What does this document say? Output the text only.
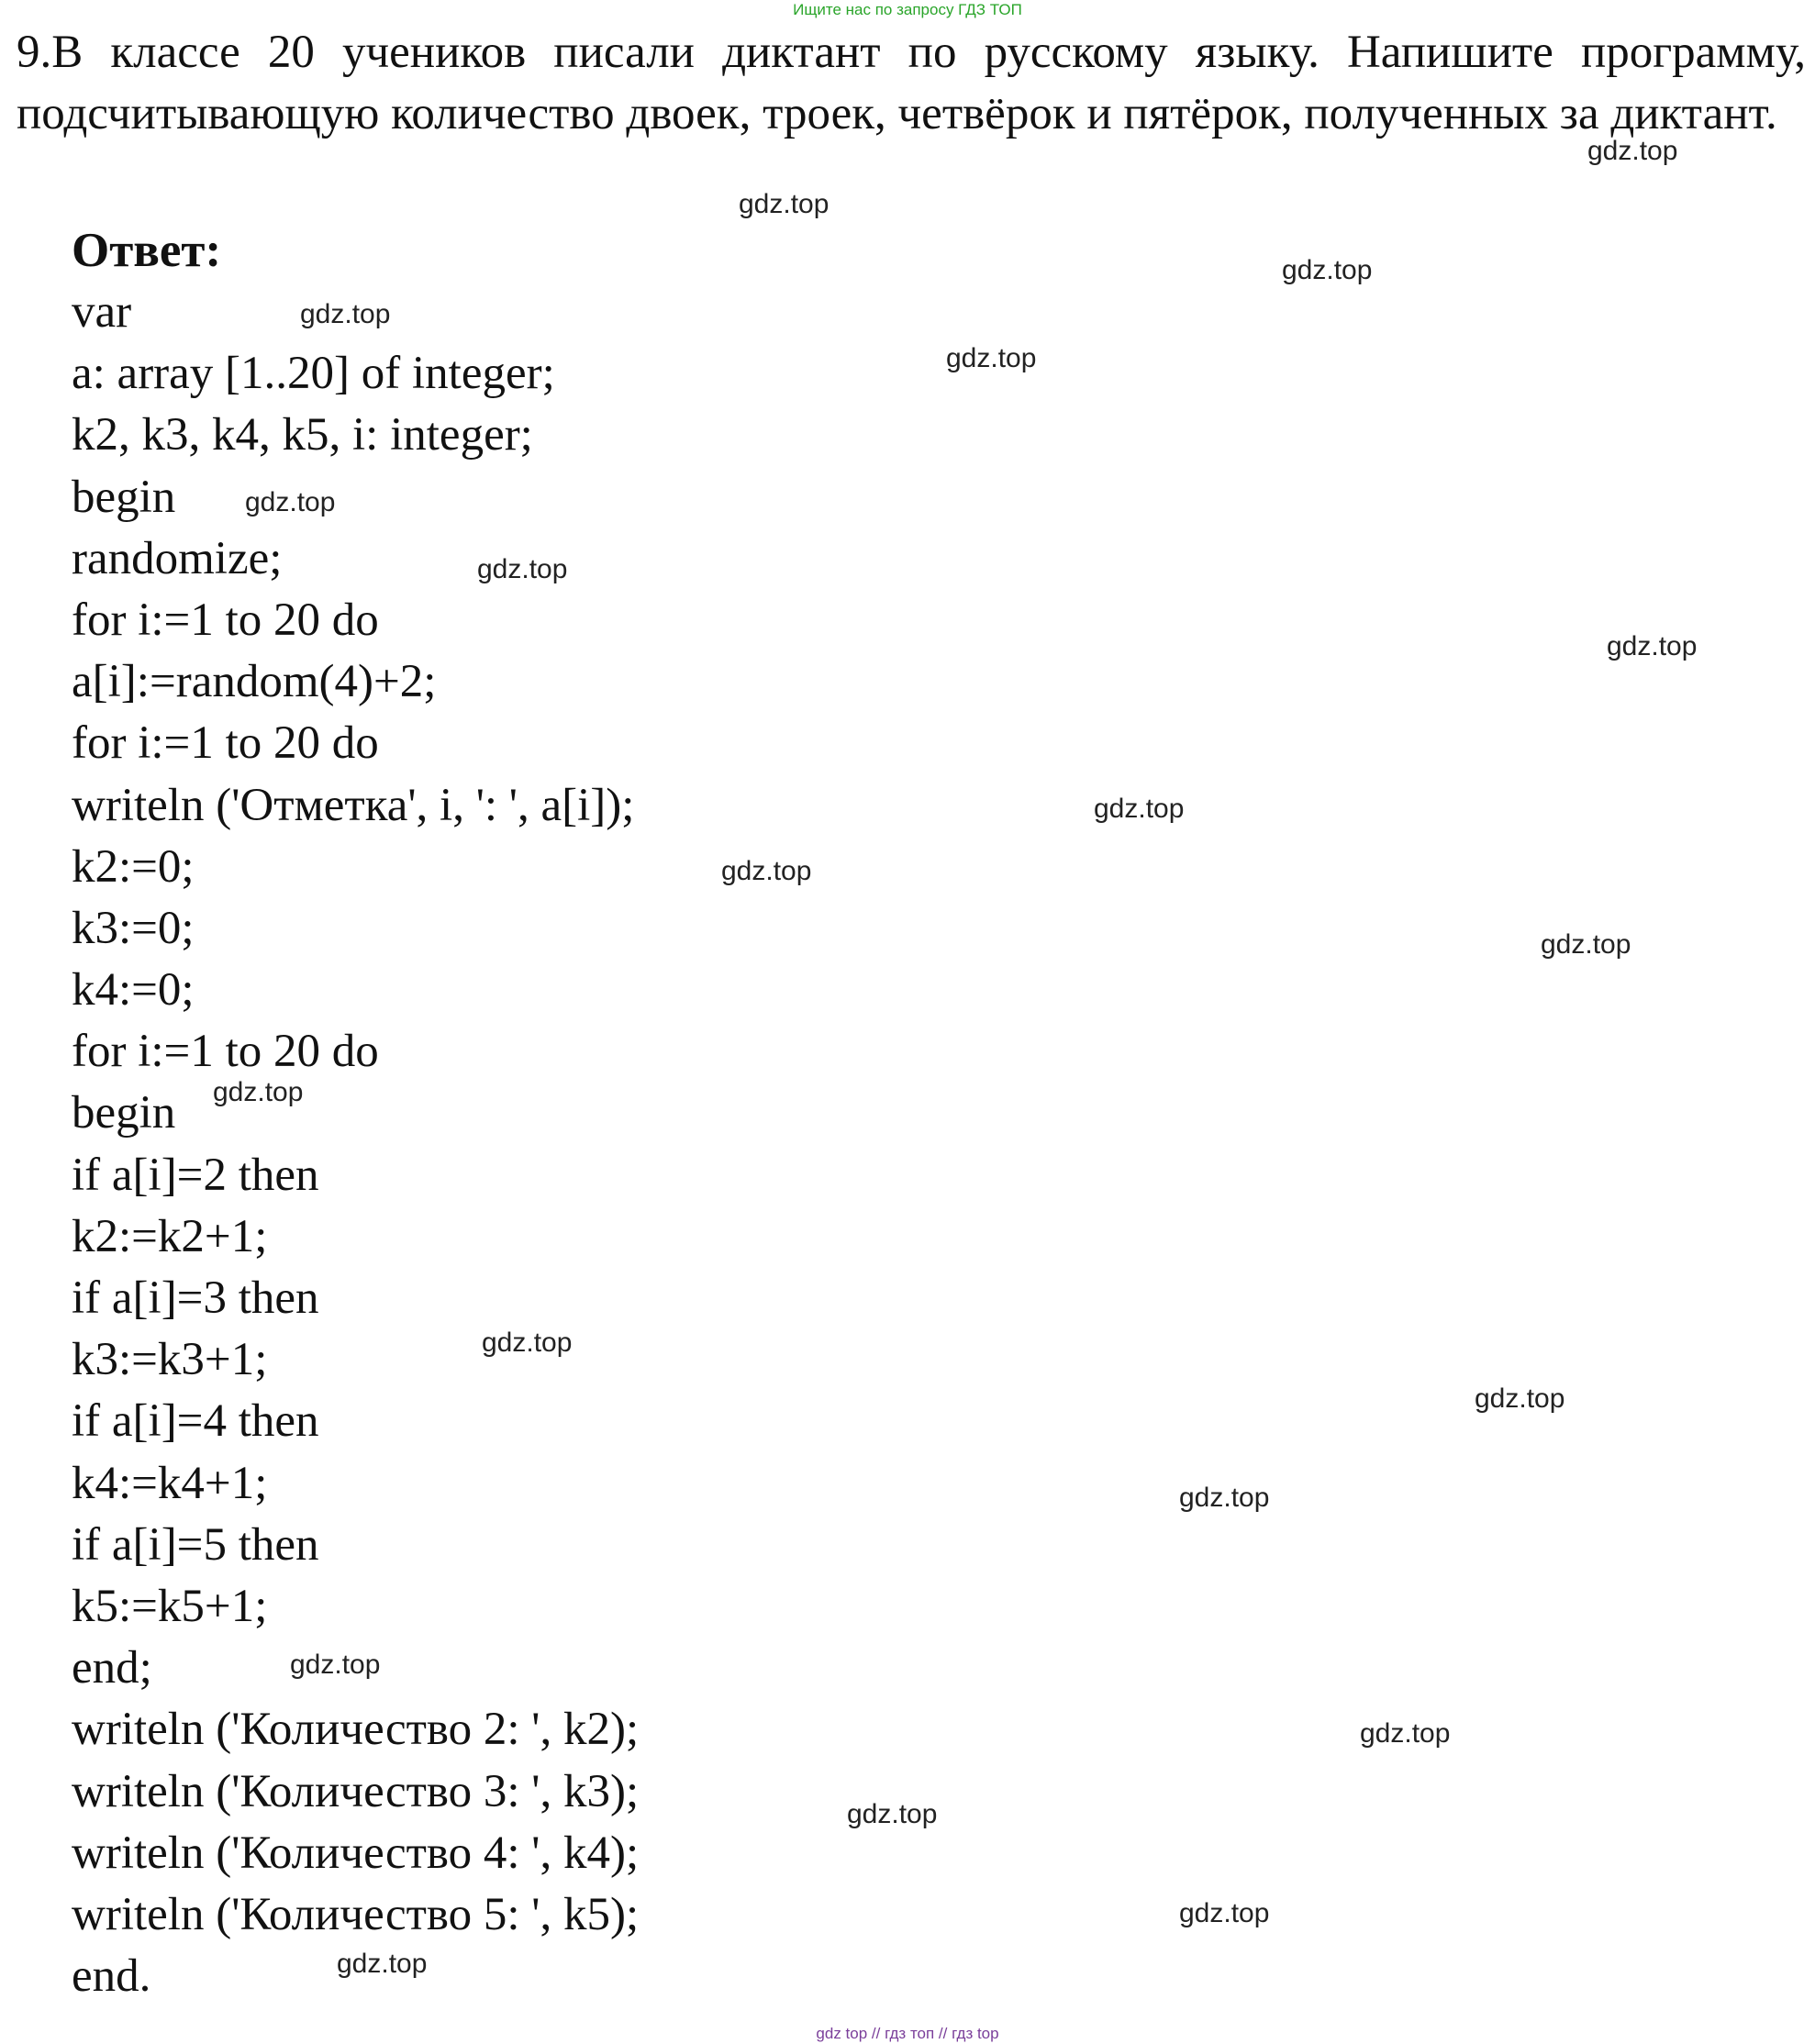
Ищите нас по запросу ГДЗ ТОП
9.В классе 20 учеников писали диктант по русскому языку. Напишите программу, подсчитывающую количество двоек, троек, четвёрок и пятёрок, полученных за диктант.
Ответ:
var
a: array [1..20] of integer;
k2, k3, k4, k5, i: integer;
begin
randomize;
for i:=1 to 20 do
a[i]:=random(4)+2;
for i:=1 to 20 do
writeln ('Отметка', i, ': ', a[i]);
k2:=0;
k3:=0;
k4:=0;
for i:=1 to 20 do
begin
if a[i]=2 then
k2:=k2+1;
if a[i]=3 then
k3:=k3+1;
if a[i]=4 then
k4:=k4+1;
if a[i]=5 then
k5:=k5+1;
end;
writeln ('Количество 2: ', k2);
writeln ('Количество 3: ', k3);
writeln ('Количество 4: ', k4);
writeln ('Количество 5: ', k5);
end.
gdz.top
gdz.top
gdz.top
gdz.top
gdz.top
gdz.top
gdz.top
gdz.top
gdz.top
gdz.top
gdz.top
gdz.top
gdz.top
gdz.top
gdz.top
gdz.top
gdz.top
gdz.top
gdz.top
gdz.top
gdz top // гдз топ // гдз top
